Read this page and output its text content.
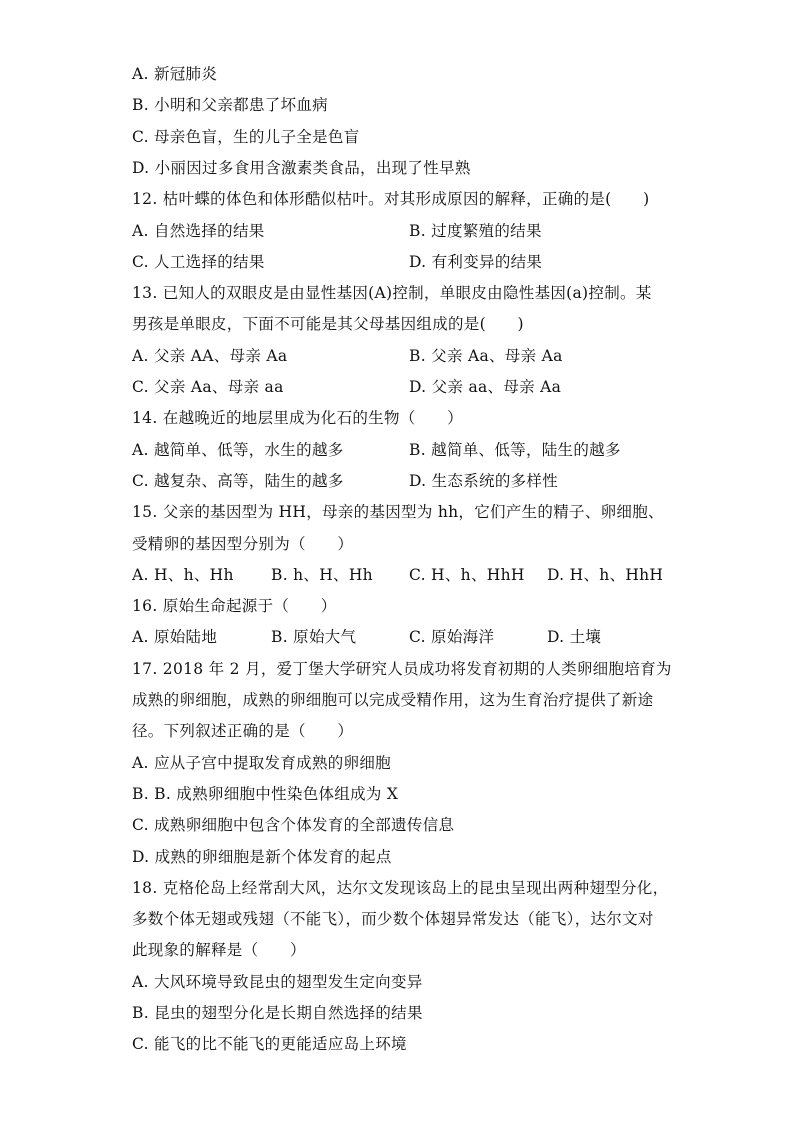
A. 新冠肺炎
B. 小明和父亲都患了坏血病
C. 母亲色盲，生的儿子全是色盲
D. 小丽因过多食用含激素类食品，出现了性早熟
12. 枯叶蝶的体色和体形酷似枯叶。对其形成原因的解释，正确的是(　　)
A. 自然选择的结果	B. 过度繁殖的结果
C. 人工选择的结果	D. 有利变异的结果
13. 已知人的双眼皮是由显性基因(A)控制，单眼皮由隐性基因(a)控制。某
男孩是单眼皮，下面不可能是其父母基因组成的是(　　)
A. 父亲 AA、母亲 Aa	B. 父亲 Aa、母亲 Aa
C. 父亲 Aa、母亲 aa	D. 父亲 aa、母亲 Aa
14. 在越晚近的地层里成为化石的生物（　　）
A. 越简单、低等，水生的越多	B. 越简单、低等，陆生的越多
C. 越复杂、高等，陆生的越多	D. 生态系统的多样性
15. 父亲的基因型为 HH，母亲的基因型为 hh，它们产生的精子、卵细胞、
受精卵的基因型分别为（　　）
A. H、h、Hh B. h、H、Hh C. H、h、HhH D. H、h、HhH
16. 原始生命起源于（　　）
A. 原始陆地	B. 原始大气	C. 原始海洋	D. 土壤
17. 2018 年 2 月，爱丁堡大学研究人员成功将发育初期的人类卵细胞培育为
成熟的卵细胞，成熟的卵细胞可以完成受精作用，这为生育治疗提供了新途
径。下列叙述正确的是（　　）
A. 应从子宫中提取发育成熟的卵细胞
B. B. 成熟卵细胞中性染色体组成为 X
C. 成熟卵细胞中包含个体发育的全部遗传信息
D. 成熟的卵细胞是新个体发育的起点
18. 克格伦岛上经常刮大风，达尔文发现该岛上的昆虫呈现出两种翅型分化，
多数个体无翅或残翅（不能飞），而少数个体翅异常发达（能飞），达尔文对
此现象的解释是（　　）
A. 大风环境导致昆虫的翅型发生定向变异
B. 昆虫的翅型分化是长期自然选择的结果
C. 能飞的比不能飞的更能适应岛上环境
